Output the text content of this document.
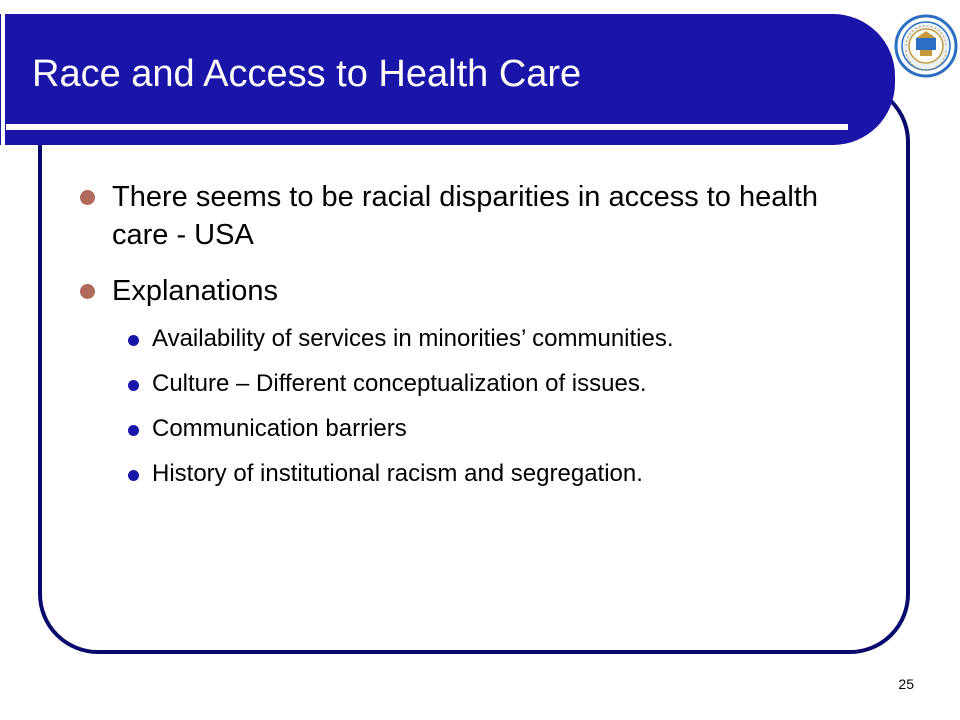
Race and Access to Health Care
There seems to be racial disparities in access to health care - USA
Explanations
Availability of services in minorities’ communities.
Culture – Different conceptualization of issues.
Communication barriers
History of institutional racism and segregation.
25
